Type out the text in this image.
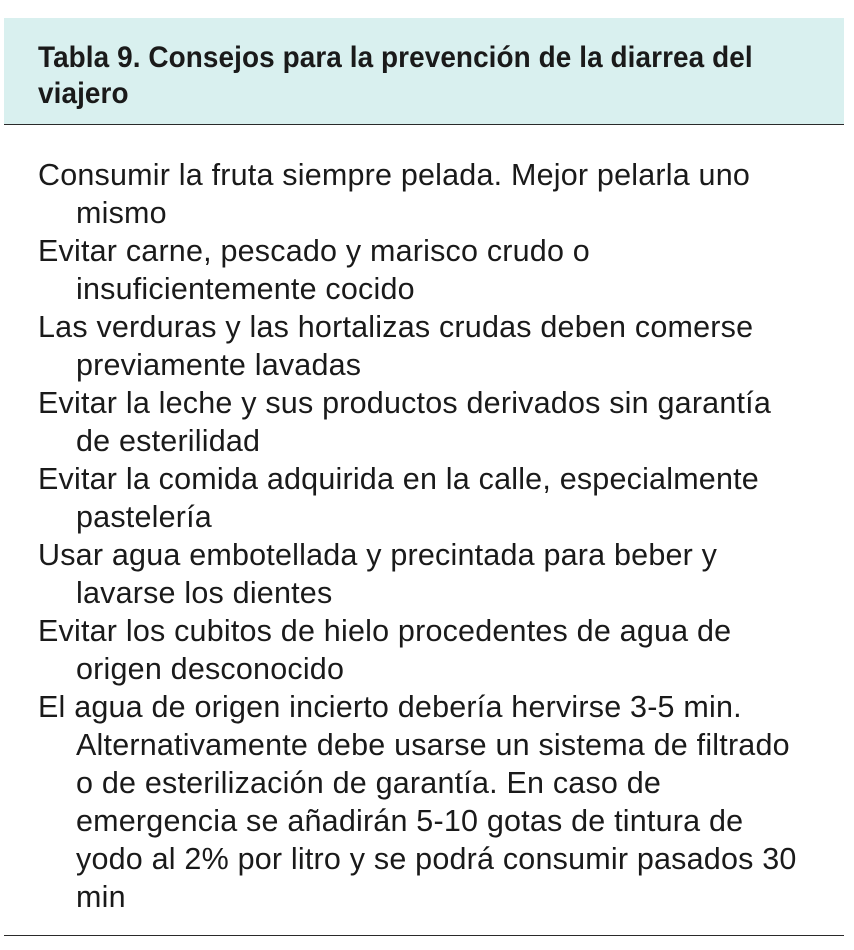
Tabla 9. Consejos para la prevención de la diarrea del viajero
Consumir la fruta siempre pelada. Mejor pelarla uno mismo
Evitar carne, pescado y marisco crudo o insuficientemente cocido
Las verduras y las hortalizas crudas deben comerse previamente lavadas
Evitar la leche y sus productos derivados sin garantía de esterilidad
Evitar la comida adquirida en la calle, especialmente pastelería
Usar agua embotellada y precintada para beber y lavarse los dientes
Evitar los cubitos de hielo procedentes de agua de origen desconocido
El agua de origen incierto debería hervirse 3-5 min. Alternativamente debe usarse un sistema de filtrado o de esterilización de garantía. En caso de emergencia se añadirán 5-10 gotas de tintura de yodo al 2% por litro y se podrá consumir pasados 30 min
